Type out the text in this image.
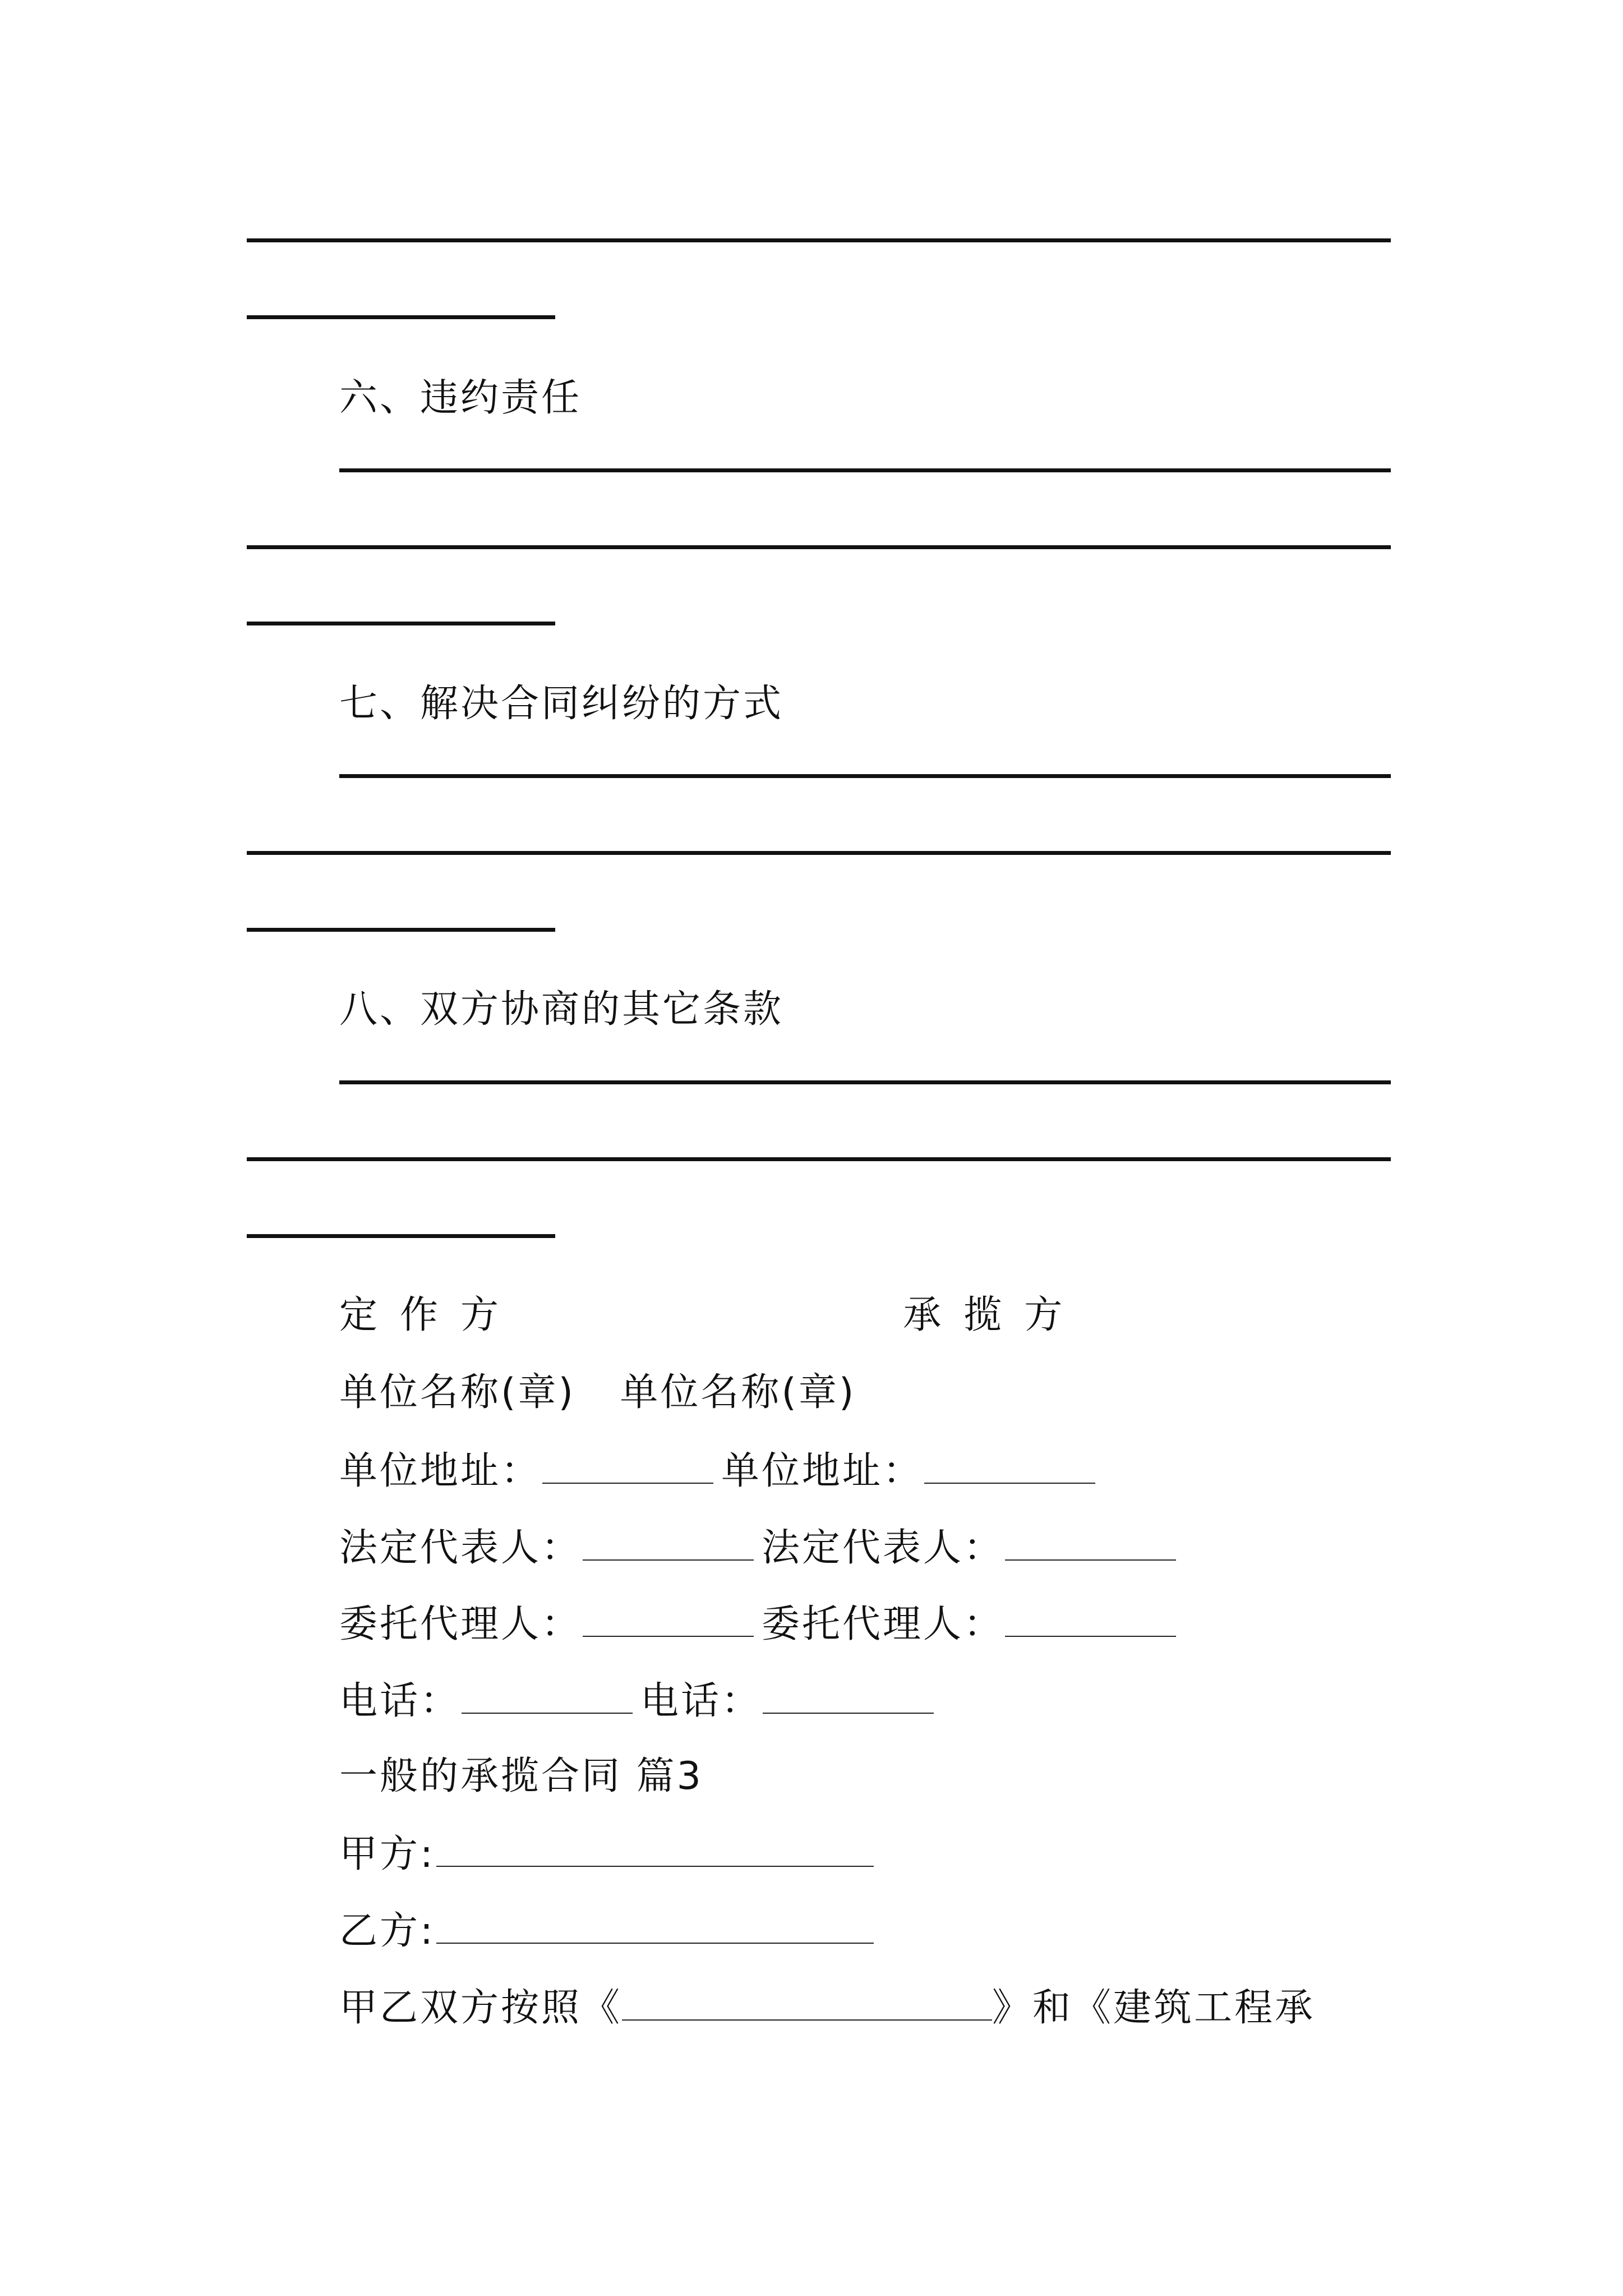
六、违约责任
七、解决合同纠纷的方式
八、双方协商的其它条款
定作方	承揽方
单位名称(章) 单位名称(章)
单位地址：	单位地址：
法定代表人：	法定代表人：
委托代理人：	委托代理人：
电话：	电话：
一般的承揽合同 篇3
甲方:
乙方:
甲乙双方按照《	》和《建筑工程承
